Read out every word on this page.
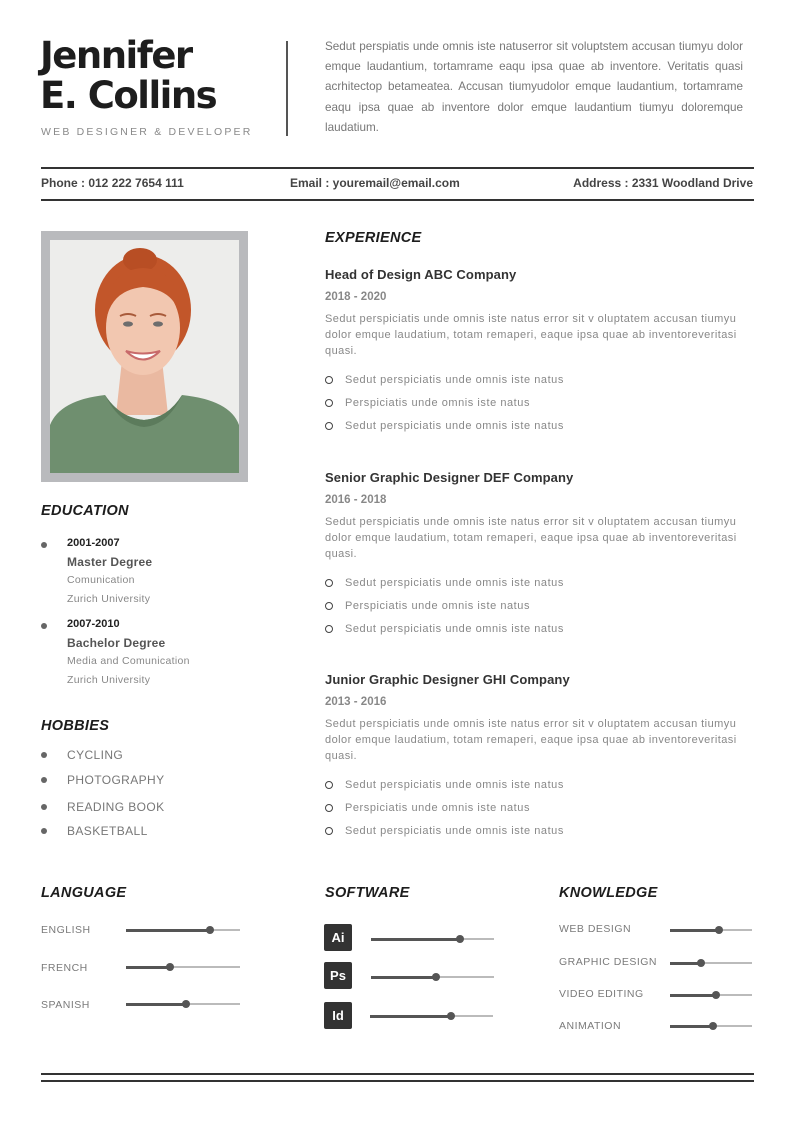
Jennifer
E. Collins
WEB DESIGNER & DEVELOPER
Sedut perspiatis unde omnis iste natuserror sit voluptstem accusan tiumyu dolor emque laudantium, tortamrame eaqu ipsa quae ab inventore. Veritatis quasi acrhitectop betameatea. Accusan tiumyudolor emque laudantium, tortamrame eaqu ipsa quae ab inventore dolor emque laudantium tiumyu doloremque laudatium.
Phone : 012 222 7654 111	Email : youremail@email.com	Address : 2331 Woodland Drive
EDUCATION
2001-2007
Master Degree
Comunication
Zurich University
2007-2010
Bachelor Degree
Media and Comunication
Zurich University
HOBBIES
CYCLING
PHOTOGRAPHY
READING BOOK
BASKETBALL
EXPERIENCE
Head of Design ABC Company
2018 - 2020
Sedut perspiciatis unde omnis iste natus error sit v oluptatem accusan tiumyu dolor emque laudatium, totam remaperi, eaque ipsa quae ab inventoreveritasi quasi.
Sedut perspiciatis unde omnis iste natus
Perspiciatis unde omnis iste natus
Sedut perspiciatis unde omnis iste natus
Senior Graphic Designer DEF Company
2016 - 2018
Sedut perspiciatis unde omnis iste natus error sit v oluptatem accusan tiumyu dolor emque laudatium, totam remaperi, eaque ipsa quae ab inventoreveritasi quasi.
Sedut perspiciatis unde omnis iste natus
Perspiciatis unde omnis iste natus
Sedut perspiciatis unde omnis iste natus
Junior Graphic Designer GHI Company
2013 - 2016
Sedut perspiciatis unde omnis iste natus error sit v oluptatem accusan tiumyu dolor emque laudatium, totam remaperi, eaque ipsa quae ab inventoreveritasi quasi.
Sedut perspiciatis unde omnis iste natus
Perspiciatis unde omnis iste natus
Sedut perspiciatis unde omnis iste natus
LANGUAGE
ENGLISH
FRENCH
SPANISH
SOFTWARE
Ai
Ps
Id
KNOWLEDGE
WEB DESIGN
GRAPHIC DESIGN
VIDEO EDITING
ANIMATION
